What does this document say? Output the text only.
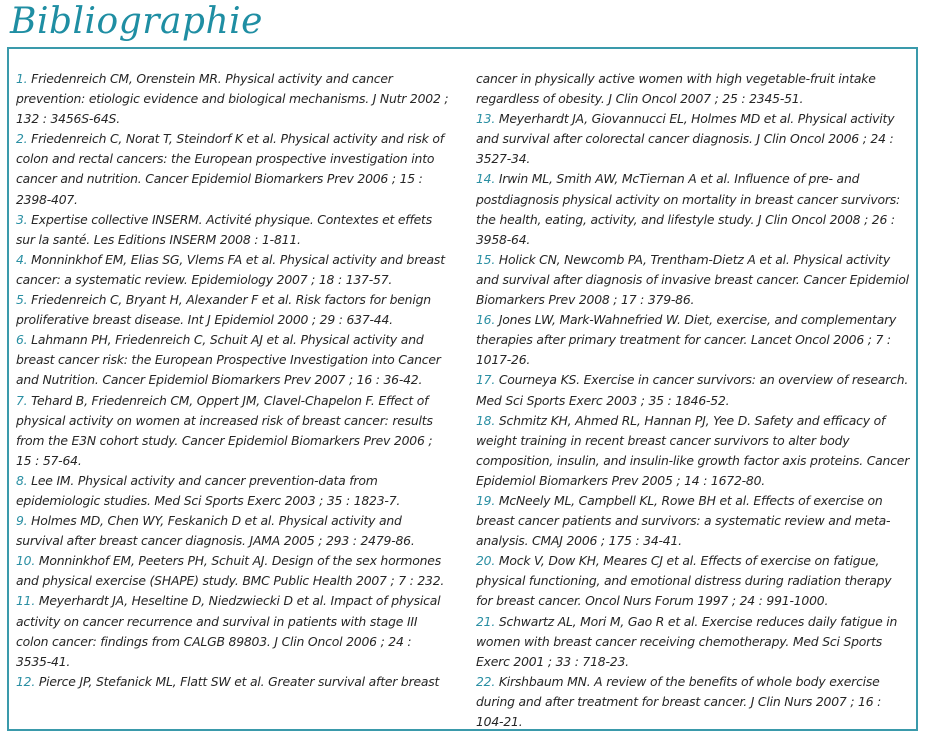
Bibliographie

1. Friedenreich CM, Orenstein MR. Physical activity and cancer prevention: etiologic evidence and biological mechanisms. J Nutr 2002 ; 132 : 3456S-64S.

2. Friedenreich C, Norat T, Steindorf K et al. Physical activity and risk of colon and rectal cancers: the European prospective investigation into cancer and nutrition. Cancer Epidemiol Biomarkers Prev 2006 ; 15 : 2398-407.

3. Expertise collective INSERM. Activité physique. Contextes et effets sur la santé. Les Editions INSERM 2008 : 1-811.

4. Monninkhof EM, Elias SG, Vlems FA et al. Physical activity and breast cancer: a systematic review. Epidemiology 2007 ; 18 : 137-57.

5. Friedenreich C, Bryant H, Alexander F et al. Risk factors for benign proliferative breast disease. Int J Epidemiol 2000 ; 29 : 637-44.

6. Lahmann PH, Friedenreich C, Schuit AJ et al. Physical activity and breast cancer risk: the European Prospective Investigation into Cancer and Nutrition. Cancer Epidemiol Biomarkers Prev 2007 ; 16 : 36-42.

7. Tehard B, Friedenreich CM, Oppert JM, Clavel-Chapelon F. Effect of physical activity on women at increased risk of breast cancer: results from the E3N cohort study. Cancer Epidemiol Biomarkers Prev 2006 ; 15 : 57-64.

8. Lee IM. Physical activity and cancer prevention-data from epidemiologic studies. Med Sci Sports Exerc 2003 ; 35 : 1823-7.

9. Holmes MD, Chen WY, Feskanich D et al. Physical activity and survival after breast cancer diagnosis. JAMA 2005 ; 293 : 2479-86.

10. Monninkhof EM, Peeters PH, Schuit AJ. Design of the sex hormones and physical exercise (SHAPE) study. BMC Public Health 2007 ; 7 : 232.

11. Meyerhardt JA, Heseltine D, Niedzwiecki D et al. Impact of physical activity on cancer recurrence and survival in patients with stage III colon cancer: findings from CALGB 89803. J Clin Oncol 2006 ; 24 : 3535-41.

12. Pierce JP, Stefanick ML, Flatt SW et al. Greater survival after breast

cancer in physically active women with high vegetable-fruit intake regardless of obesity. J Clin Oncol 2007 ; 25 : 2345-51.

13. Meyerhardt JA, Giovannucci EL, Holmes MD et al. Physical activity and survival after colorectal cancer diagnosis. J Clin Oncol 2006 ; 24 : 3527-34.

14. Irwin ML, Smith AW, McTiernan A et al. Influence of pre- and postdiagnosis physical activity on mortality in breast cancer survivors: the health, eating, activity, and lifestyle study. J Clin Oncol 2008 ; 26 : 3958-64.

15. Holick CN, Newcomb PA, Trentham-Dietz A et al. Physical activity and survival after diagnosis of invasive breast cancer. Cancer Epidemiol Biomarkers Prev 2008 ; 17 : 379-86.

16. Jones LW, Mark-Wahnefried W. Diet, exercise, and complementary therapies after primary treatment for cancer. Lancet Oncol 2006 ; 7 : 1017-26.

17. Courneya KS. Exercise in cancer survivors: an overview of research. Med Sci Sports Exerc 2003 ; 35 : 1846-52.

18. Schmitz KH, Ahmed RL, Hannan PJ, Yee D. Safety and efficacy of weight training in recent breast cancer survivors to alter body composition, insulin, and insulin-like growth factor axis proteins. Cancer Epidemiol Biomarkers Prev 2005 ; 14 : 1672-80.

19. McNeely ML, Campbell KL, Rowe BH et al. Effects of exercise on breast cancer patients and survivors: a systematic review and meta-analysis. CMAJ 2006 ; 175 : 34-41.

20. Mock V, Dow KH, Meares CJ et al. Effects of exercise on fatigue, physical functioning, and emotional distress during radiation therapy for breast cancer. Oncol Nurs Forum 1997 ; 24 : 991-1000.

21. Schwartz AL, Mori M, Gao R et al. Exercise reduces daily fatigue in women with breast cancer receiving chemotherapy. Med Sci Sports Exerc 2001 ; 33 : 718-23.

22. Kirshbaum MN. A review of the benefits of whole body exercise during and after treatment for breast cancer. J Clin Nurs 2007 ; 16 : 104-21.
